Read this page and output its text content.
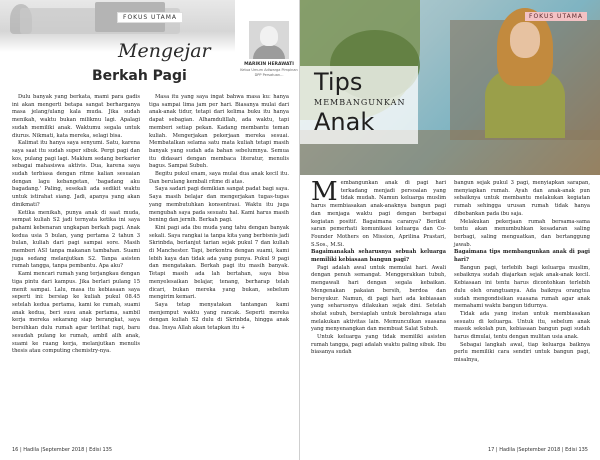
FOKUS UTAMA
Mengejar
Berkah Pagi
MARIKIN HERAWATI
Ketua Umum Adiwarga Pimpinan DPP Persatuan...

Dulu banyak yang berkata, mami para gadis ini akan mengerti betapa sangat berharganya masa jelang/ulang kala muda. Jika sudah menikah, waktu bukan milikmu lagi. Apalagi sudah memiliki anak. Waktumu segala untuk diurus. Nikmati, kata mereka, selagi bisa.

Kalimat itu hanya saya senyumi. Satu, karena saya saat itu sudah super sibuk. Pergi pagi dan kos, pulang pagi lagi. Maklum sedang berkarier sebagai mahasiswa aktivis. Dua, karena saya sudah terbiasa dengan ritme kalian sesuaian dengan lagu kebangetan, 'bagadang aku bagadang.' Paling, sesekali ada sedikit waktu untuk istirahat siang. Jadi, apanya yang akan dinikmati?

Ketika menikah, punya anak di saat muda, sempat kuliah S2 jadi ternyata ketika ini saya pahami kebenaran ungkapan berkah pagi. Anak kedua usia 5 bulan, yang pertama 2 tahun 3 bulan, kuliah dari pagi sampai sore. Masih memberi ASI tanpa makanan tambahan. Suami juga sedang melanjutkan S2. Tanpa asisten rumah tangga, tanpa pembantu. Apa aku?

Kami mencari rumah yang terjangkau dengan tiga pintu dari kampus. Jika berlari pulang 15 menit sampai. Lalu, masa itu kebiasaan saya seperti ini: bersiap ke kuliah pukul 08.45 setelah kedua pertama, kami ke rumah, suami anak kedua, beri susu anak pertama, sambil kerja mereka sekarang siap berangkat, saya bersihkan dulu rumah agar terlihat rapi, baru sesudah pulang ke rumah, ambil alih anak, suami ke ruang kerja, melanjutkan menulis thesis atau computing chemistry-nya.

Masa itu yang saya ingat bahwa masa ku: hanya tiga sampai lima jam per hari. Biasanya mulai dari anak-anak tidur, tetapi dari kelima buku itu hanya dapat sebagian. Alhamdulillah, ada waktu, tapi memberi setiap pekan. Kadang membantu teman kuliah. Mengerjakan pekerjaan mereka sesuai. Membatalkan selama satu mata kuliah tetapi masih banyak yang sudah ada bahan sebelumnya. Semua itu didasari dengan membaca literatur, menulis bagus. Sampai Subuh.

Begitu pukul enam, saya mulai dua anak kecil itu. Dan berulang kembali ritme di atas.

Saya sadari pagi demikian sangat padat bagi saya. Saya masih belajar dan mengerjakan tugas-tugas yang membutuhkan konsentrasi. Waktu itu juga mengubah saya pada sesuatu hal. Kami harus masih bening dan jernih. Berkah pagi.

Kini pagi ada ibu muda yang tahu dengan banyak sekali. Saya rangkai ia tanpa kita yang berbisnis jadi Skrinbda, berlanjut tarian sejak pukul 7 dan kuliah di Manchester. Tapi, berkontra dengan suami, kami lebih kaya dan tidak ada yang punya. Pukul 9 pagi dan mengatakan. Berkah pagi itu masih banyak. Tetapi masih ada lah bertahan, saya bisa menyelesaikan belajar, tenang, berharap telah dicari, bukan mereka yang bukan, sebelum mengirim kemari.

Saya tetap menyatakan tantangan kami menjemput waktu yang rancak. Seperti mereka dengan kuliah S2 dulu di Skrinbda, hingga anak dua. Insya Allah akan tetapkan itu +

16 | Hadila |September 2018 | Edisi 135
FOKUS UTAMA
Tips
MEMBANGUNKAN
Anak

Membangunkan anak di pagi hari terkadang menjadi persoalan yang tidak mudah. Namun keluarga muslim harus membiasakan anak-anaknya bangun pagi dan menjaga waktu pagi dengan berbagai kegiatan positif. Bagaimana caranya? Berikut saran pemerhati komunikasi keluarga dan Co-Founder Mothers on Mission, Aprilina Prastari, S.Sos., M.Si.

Bagaimanakah seharusnya sebuah keluarga memiliki kebiasaan bangun pagi?

Pagi adalah awal untuk memulai hari. Awali dengan penuh semangat. Menggerakkan tubuh, mengawali hari dengan segala kebaikan. Mengenakan pakaian bersih, berdoa dan bersyukur. Namun, di pagi hari ada kebiasaan yang seharusnya dilakukan sejak dini. Setelah sholat subuh, bersiaplah untuk berolahraga atau melakukan aktivitas lain. Memunculkan suasana yang menyenangkan dan membuat Salat Subuh.

Untuk keluarga yang tidak memiliki asisten rumah tangga, pagi adalah waktu paling sibuk. Ibu biasanya sudah

bangun sejak pukul 3 pagi, menyiapkan sarapan, menyiapkan rumah. Ayah dan anak-anak pun sebaiknya untuk membantu melakukan kegiatan rumah sehingga urusan rumah tidak hanya dibebankan pada ibu saja.

Melakukan pekerjaan rumah bersama-sama tentu akan menumbuhkan kesadaran saling berbagi, saling menguatkan, dan bertanggung jawab.

Bagaimana tips membangunkan anak di pagi hari?

Bangun pagi, terlebih bagi keluarga muslim, sebaiknya sudah diajarkan sejak anak-anak kecil. Kebiasaan ini tentu harus dicontohkan terlebih dulu oleh orangtuanya. Ada baiknya orangtua sudah mengondisikan suasana rumah agar anak memahami waktu bangun tidurnya.

Tidak ada yang instan untuk membiasakan sesuatu di keluarga. Untuk itu, sebelum anak masuk sekolah pun, kebiasaan bangun pagi sudah harus dimulai, tentu dengan mulitan usia anak.

Sebagai langkah awal, tiap keluarga baiknya perlu memiliki cara sendiri untuk bangun pagi, misalnya,

17 | Hadila |September 2018 | Edisi 135
